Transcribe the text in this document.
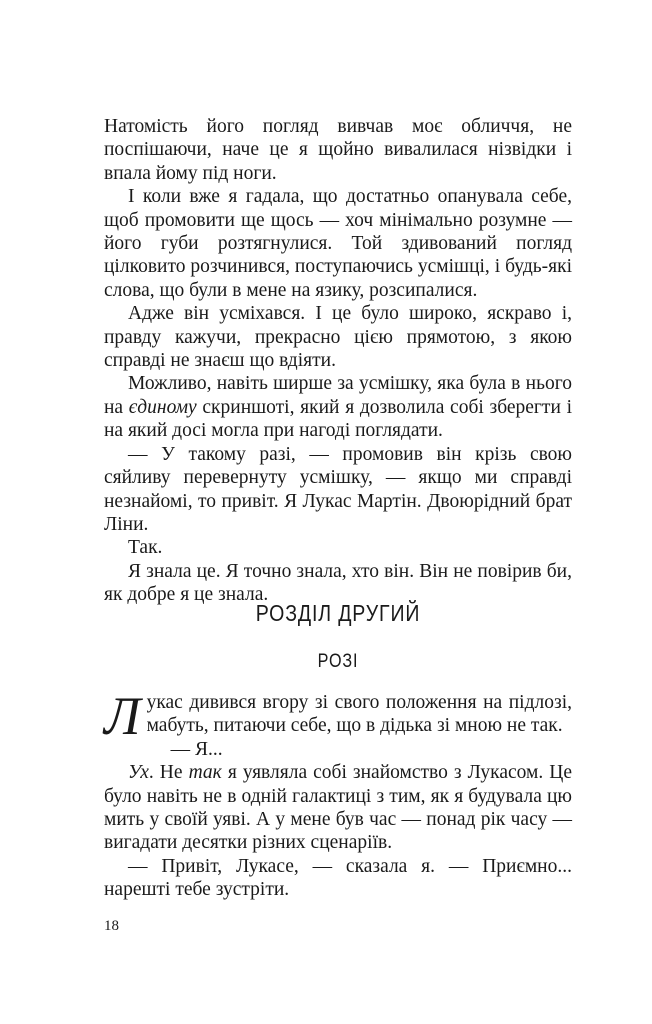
Натомість його погляд вивчав моє обличчя, не поспішаючи, наче це я щойно вивалилася нізвідки і впала йому під ноги.

І коли вже я гадала, що достатньо опанувала себе, щоб промовити ще щось — хоч мінімально розумне — його губи розтягнулися. Той здивований погляд цілковито розчинився, поступаючись усмішці, і будь-які слова, що були в мене на язику, розсипалися.

Адже він усміхався. І це було широко, яскраво і, правду кажучи, прекрасно цією прямотою, з якою справді не знаєш що вдіяти.

Можливо, навіть ширше за усмішку, яка була в нього на єдиному скриншоті, який я дозволила собі зберегти і на який досі могла при нагоді поглядати.

— У такому разі, — промовив він крізь свою сяйливу перевернуту усмішку, — якщо ми справді незнайомі, то привіт. Я Лукас Мартін. Двоюрідний брат Ліни.

Так.

Я знала це. Я точно знала, хто він. Він не повірив би, як добре я це знала.

РОЗДІЛ ДРУГИЙ
РОЗІ

Лукас дивився вгору зі свого положення на підлозі, мабуть, питаючи себе, що в дідька зі мною не так.

— Я...

Ух. Не так я уявляла собі знайомство з Лукасом. Це було навіть не в одній галактиці з тим, як я будувала цю мить у своїй уяві. А у мене був час — понад рік часу — вигадати десятки різних сценаріїв.

— Привіт, Лукасе, — сказала я. — Приємно... нарешті тебе зустріти.

18
